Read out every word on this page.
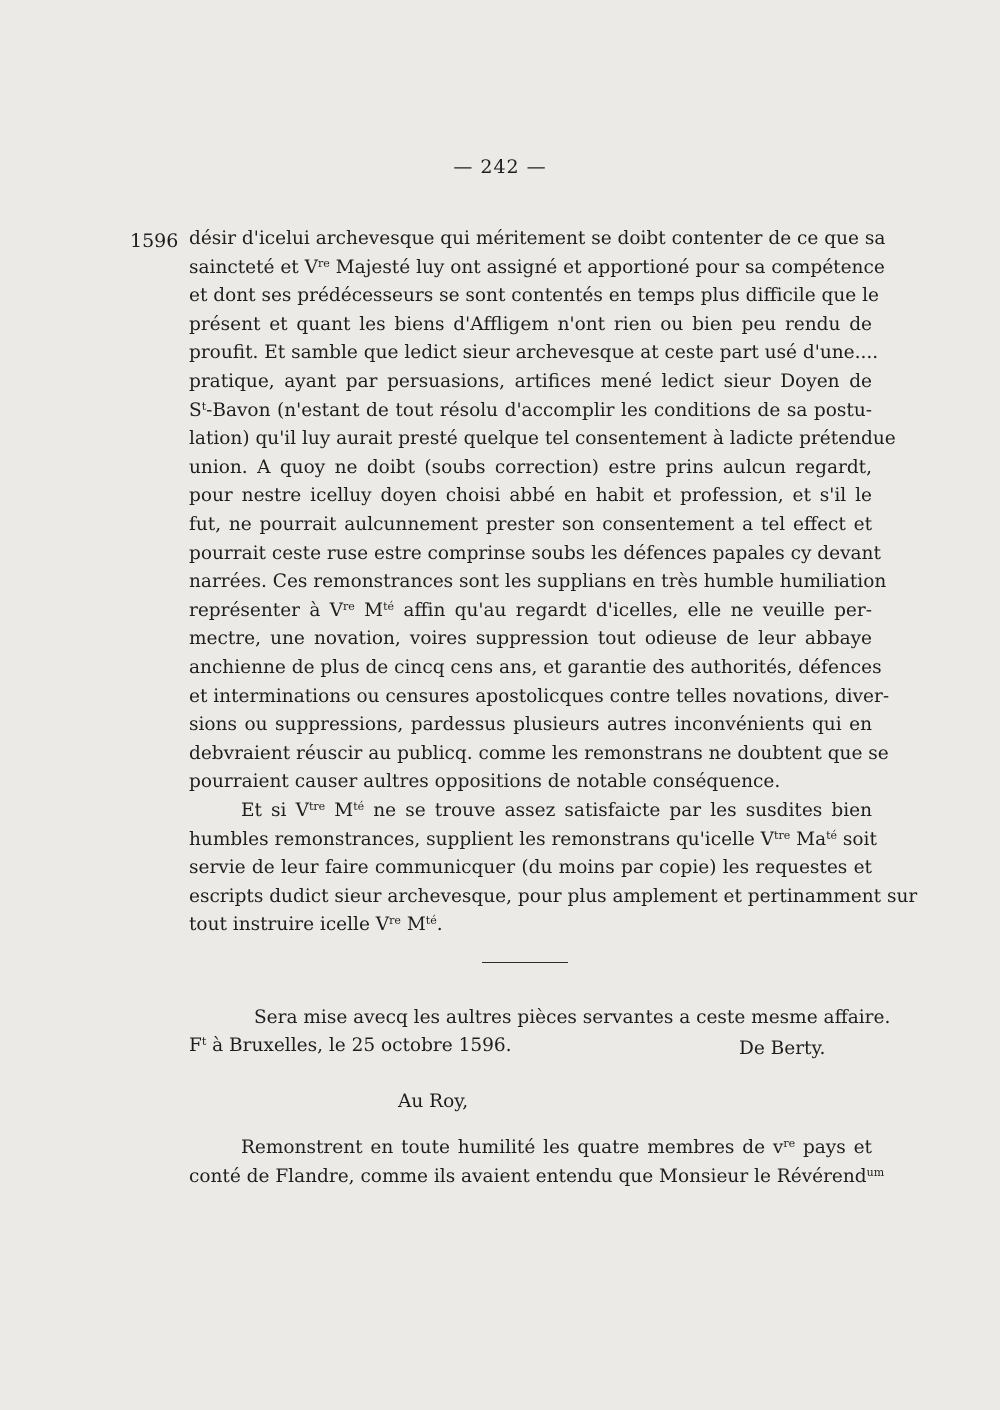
— 242 —
1596 désir d'icelui archevesque qui méritement se doibt contenter de ce que sa
saincteté et Vre Majesté luy ont assigné et apportioné pour sa compétence
et dont ses prédécesseurs se sont contentés en temps plus difficile que le
présent et quant les biens d'Affligem n'ont rien ou bien peu rendu de
proufit. Et samble que ledict sieur archevesque at ceste part usé d'une....
pratique, ayant par persuasions, artifices mené ledict sieur Doyen de
$S^t$-Bavon (n'estant de tout résolu d'accomplir les conditions de sa postu-
lation) qu'il luy aurait presté quelque tel consentement à ladicte prétendue
union. A quoy ne doibt (soubs correction) estre prins aulcun regardt,
pour nestre icelluy doyen choisi abbé en habit et profession, et s'il le
fut, ne pourrait aulcunnement prester son consentement a tel effect et
pourrait ceste ruse estre comprinse soubs les défences papales cy devant
narrées. Ces remonstrances sont les supplians en très humble humiliation
représenter à Vre $M^{té}$ affin qu'au regardt d'icelles, elle ne veuille per-
mectre, une novation, voires suppression tout odieuse de leur abbaye
anchienne de plus de cincq cens ans, et garantie des authorités, défences
et interminations ou censures apostolicques contre telles novations, diver-
sions ou suppressions, pardessus plusieurs autres inconvénients qui en
debvraient réuscir au publicq. comme les remonstrans ne doubtent que se
pourraient causer aultres oppositions de notable conséquence.
Et si $V^{tre}$ $M^{té}$ ne se trouve assez satisfaicte par les susdites bien
humbles remonstrances, supplient les remonstrans qu'icelle $V^{tre}$ $Ma^{té}$ soit
servie de leur faire communicquer (du moins par copie) les requestes et
escripts dudict sieur archevesque, pour plus amplement et pertinamment sur
tout instruire icelle Vre $M^{té}$.
Sera mise avecq les aultres pièces servantes a ceste mesme affaire.
$F^t$ à Bruxelles, le 25 octobre 1596.	De Berty.
Au Roy,
Remonstrent en toute humilité les quatre membres de $v^{re}$ pays et
conté de Flandre, comme ils avaient entendu que Monsieur le Révérend$^{um}$
